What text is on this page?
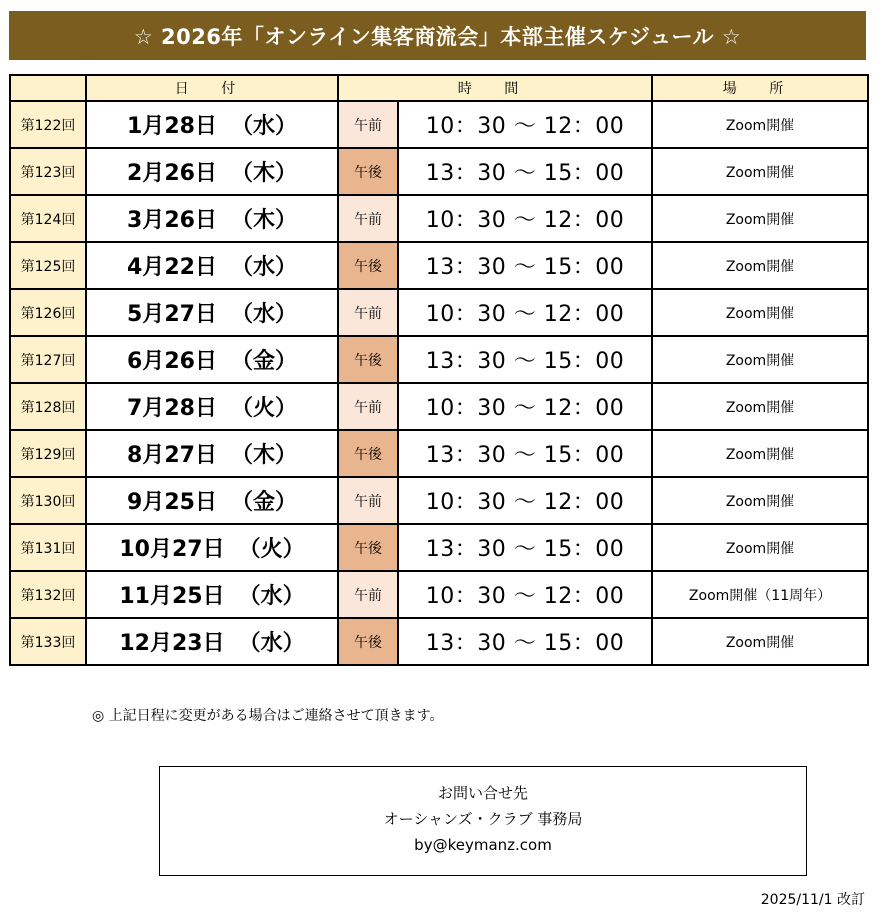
☆ 2026年「オンライン集客商流会」本部主催スケジュール ☆
	日 付	時 間		場 所
第122回	1月28日 （水）	午前	10：30 〜 12：00	Zoom開催
第123回	2月26日 （木）	午後	13：30 〜 15：00	Zoom開催
第124回	3月26日 （木）	午前	10：30 〜 12：00	Zoom開催
第125回	4月22日 （水）	午後	13：30 〜 15：00	Zoom開催
第126回	5月27日 （水）	午前	10：30 〜 12：00	Zoom開催
第127回	6月26日 （金）	午後	13：30 〜 15：00	Zoom開催
第128回	7月28日 （火）	午前	10：30 〜 12：00	Zoom開催
第129回	8月27日 （木）	午後	13：30 〜 15：00	Zoom開催
第130回	9月25日 （金）	午前	10：30 〜 12：00	Zoom開催
第131回	10月27日 （火）	午後	13：30 〜 15：00	Zoom開催
第132回	11月25日 （水）	午前	10：30 〜 12：00	Zoom開催（11周年）
第133回	12月23日 （水）	午後	13：30 〜 15：00	Zoom開催
◎ 上記日程に変更がある場合はご連絡させて頂きます。
お問い合せ先
オーシャンズ・クラブ 事務局
by@keymanz.com
2025/11/1 改訂
